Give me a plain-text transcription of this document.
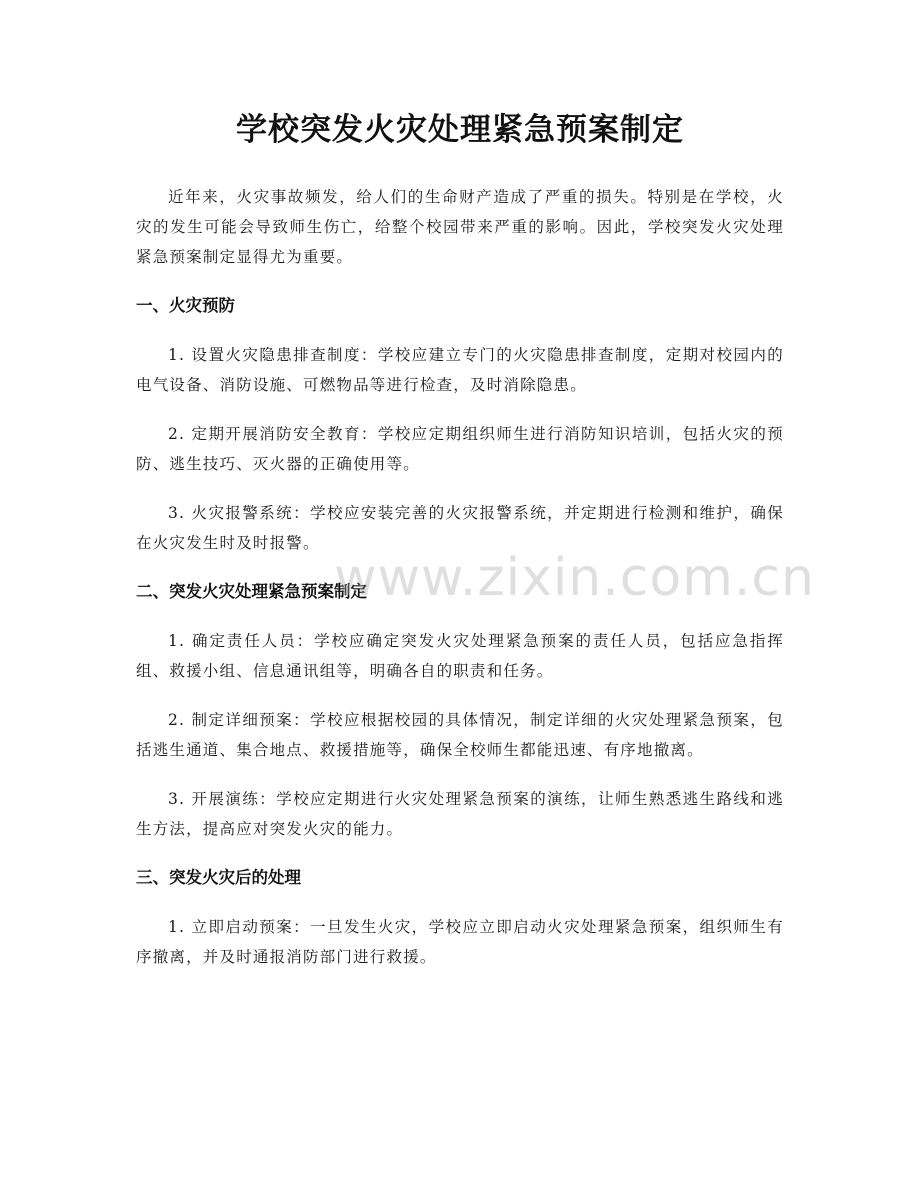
学校突发火灾处理紧急预案制定

近年来，火灾事故频发，给人们的生命财产造成了严重的损失。特别是在学校，火灾的发生可能会导致师生伤亡，给整个校园带来严重的影响。因此，学校突发火灾处理紧急预案制定显得尤为重要。

一、火灾预防

1. 设置火灾隐患排查制度：学校应建立专门的火灾隐患排查制度，定期对校园内的电气设备、消防设施、可燃物品等进行检查，及时消除隐患。

2. 定期开展消防安全教育：学校应定期组织师生进行消防知识培训，包括火灾的预防、逃生技巧、灭火器的正确使用等。

3. 火灾报警系统：学校应安装完善的火灾报警系统，并定期进行检测和维护，确保在火灾发生时及时报警。

二、突发火灾处理紧急预案制定

1. 确定责任人员：学校应确定突发火灾处理紧急预案的责任人员，包括应急指挥组、救援小组、信息通讯组等，明确各自的职责和任务。

2. 制定详细预案：学校应根据校园的具体情况，制定详细的火灾处理紧急预案，包括逃生通道、集合地点、救援措施等，确保全校师生都能迅速、有序地撤离。

3. 开展演练：学校应定期进行火灾处理紧急预案的演练，让师生熟悉逃生路线和逃生方法，提高应对突发火灾的能力。

三、突发火灾后的处理

1. 立即启动预案：一旦发生火灾，学校应立即启动火灾处理紧急预案，组织师生有序撤离，并及时通报消防部门进行救援。

www.zixin.com.cn
